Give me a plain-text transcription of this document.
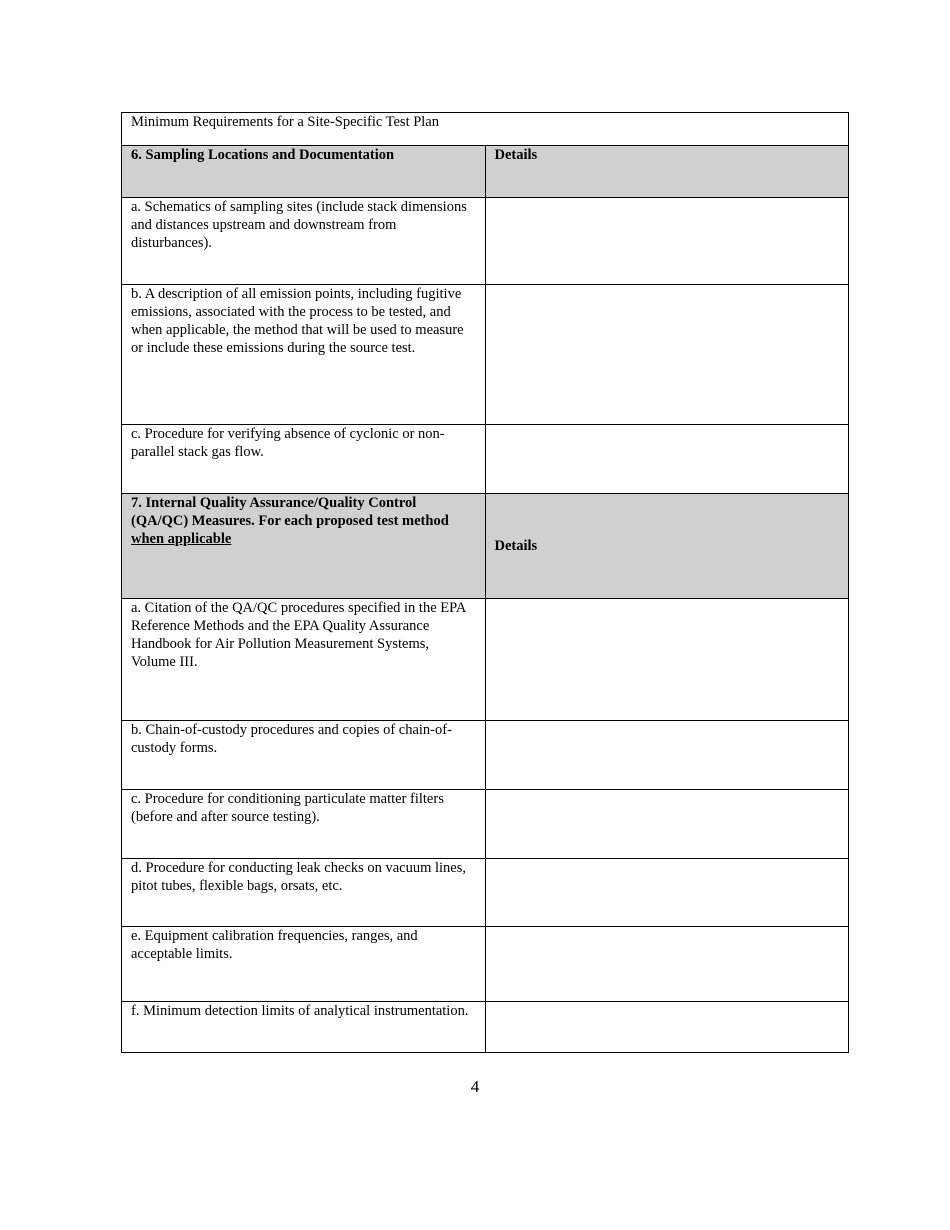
Minimum Requirements for a Site-Specific Test Plan	
6. Sampling Locations and Documentation	Details
a. Schematics of sampling sites (include stack dimensions and distances upstream and downstream from disturbances).	
b. A description of all emission points, including fugitive emissions, associated with the process to be tested, and when applicable, the method that will be used to measure or include these emissions during the source test.	
c. Procedure for verifying absence of cyclonic or non-parallel stack gas flow.	
7. Internal Quality Assurance/Quality Control (QA/QC) Measures. For each proposed test method when applicable	Details
a. Citation of the QA/QC procedures specified in the EPA Reference Methods and the EPA Quality Assurance Handbook for Air Pollution Measurement Systems, Volume III.	
b. Chain-of-custody procedures and copies of chain-of-custody forms.	
c. Procedure for conditioning particulate matter filters (before and after source testing).	
d. Procedure for conducting leak checks on vacuum lines, pitot tubes, flexible bags, orsats, etc.	
e. Equipment calibration frequencies, ranges, and acceptable limits.	
f. Minimum detection limits of analytical instrumentation.	
4
